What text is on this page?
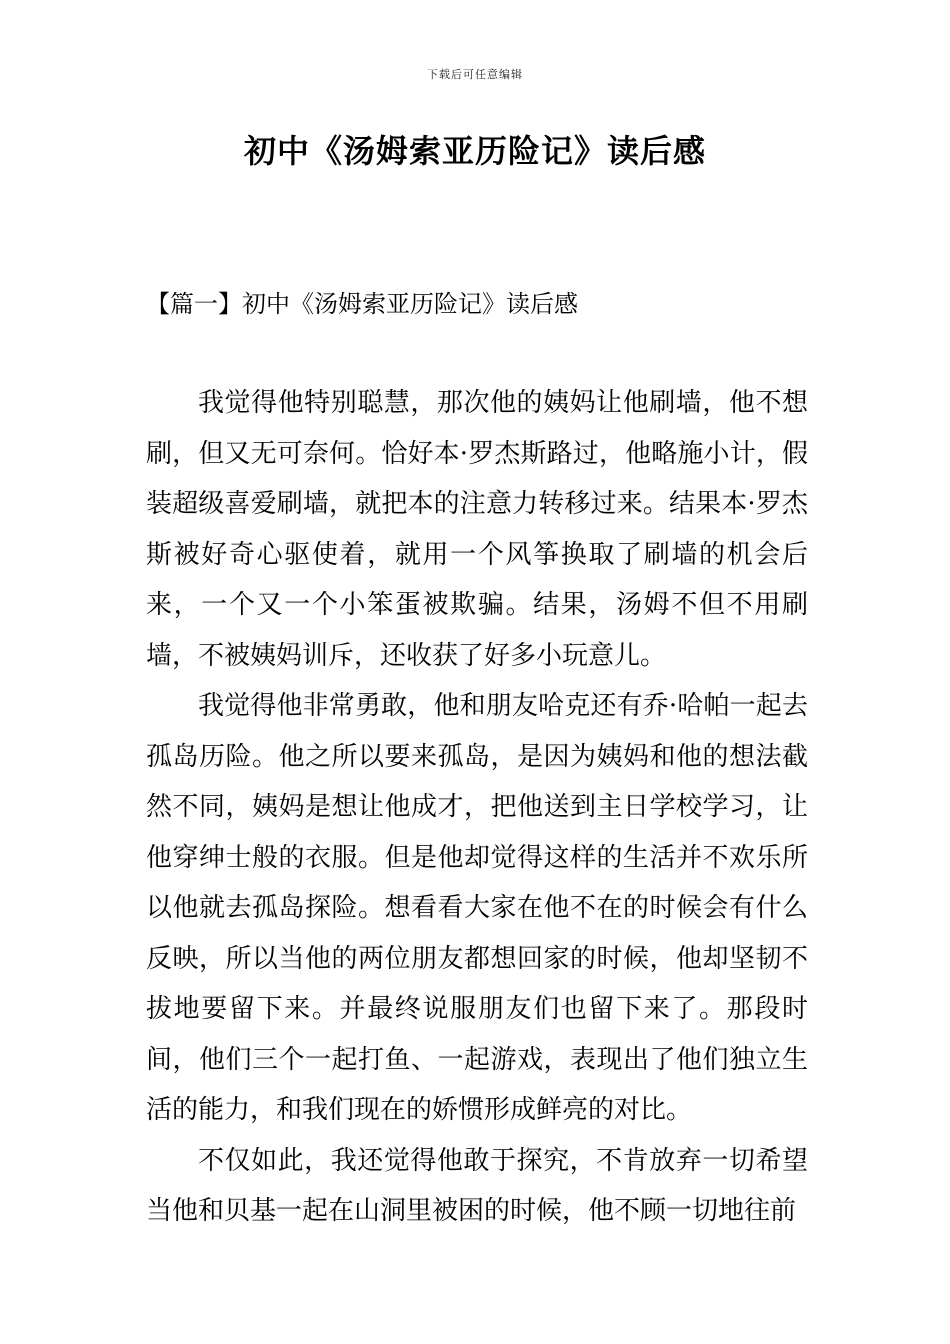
下载后可任意编辑
初中《汤姆索亚历险记》读后感
【篇一】初中《汤姆索亚历险记》读后感

我觉得他特别聪慧，那次他的姨妈让他刷墙，他不想刷，但又无可奈何。恰好本·罗杰斯路过，他略施小计，假装超级喜爱刷墙，就把本的注意力转移过来。结果本·罗杰斯被好奇心驱使着，就用一个风筝换取了刷墙的机会后来，一个又一个小笨蛋被欺骗。结果，汤姆不但不用刷墙，不被姨妈训斥，还收获了好多小玩意儿。

我觉得他非常勇敢，他和朋友哈克还有乔·哈帕一起去孤岛历险。他之所以要来孤岛，是因为姨妈和他的想法截然不同，姨妈是想让他成才，把他送到主日学校学习，让他穿绅士般的衣服。但是他却觉得这样的生活并不欢乐所以他就去孤岛探险。想看看大家在他不在的时候会有什么反映，所以当他的两位朋友都想回家的时候，他却坚韧不拔地要留下来。并最终说服朋友们也留下来了。那段时间，他们三个一起打鱼、一起游戏，表现出了他们独立生活的能力，和我们现在的娇惯形成鲜亮的对比。

不仅如此，我还觉得他敢于探究，不肯放弃一切希望当他和贝基一起在山洞里被困的时候，他不顾一切地往前
